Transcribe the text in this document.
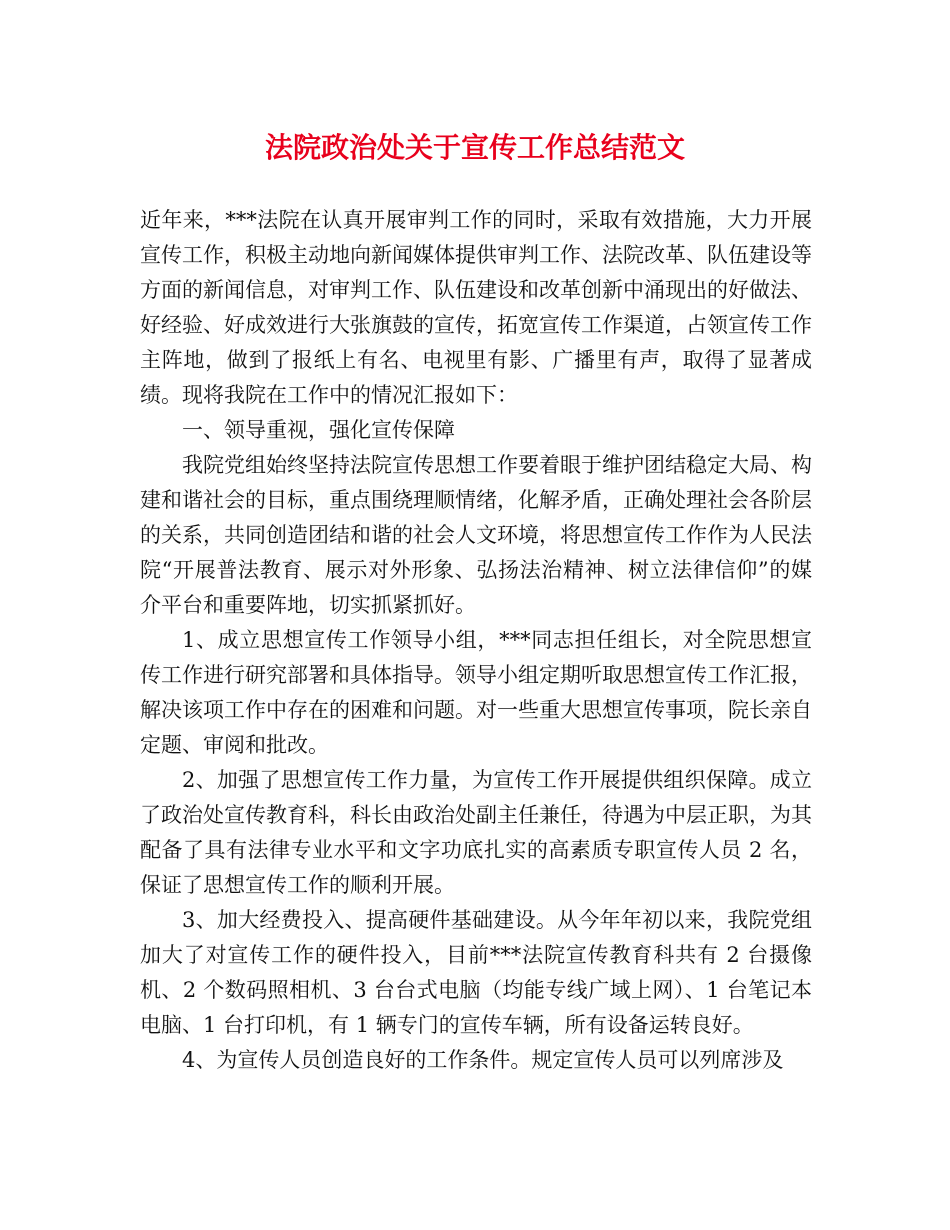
法院政治处关于宣传工作总结范文

近年来，***法院在认真开展审判工作的同时，采取有效措施，大力开展宣传工作，积极主动地向新闻媒体提供审判工作、法院改革、队伍建设等方面的新闻信息，对审判工作、队伍建设和改革创新中涌现出的好做法、好经验、好成效进行大张旗鼓的宣传，拓宽宣传工作渠道，占领宣传工作主阵地，做到了报纸上有名、电视里有影、广播里有声，取得了显著成绩。现将我院在工作中的情况汇报如下：

一、领导重视，强化宣传保障

我院党组始终坚持法院宣传思想工作要着眼于维护团结稳定大局、构建和谐社会的目标，重点围绕理顺情绪，化解矛盾，正确处理社会各阶层的关系，共同创造团结和谐的社会人文环境，将思想宣传工作作为人民法院“开展普法教育、展示对外形象、弘扬法治精神、树立法律信仰”的媒介平台和重要阵地，切实抓紧抓好。

1、成立思想宣传工作领导小组，***同志担任组长，对全院思想宣传工作进行研究部署和具体指导。领导小组定期听取思想宣传工作汇报，解决该项工作中存在的困难和问题。对一些重大思想宣传事项，院长亲自定题、审阅和批改。

2、加强了思想宣传工作力量，为宣传工作开展提供组织保障。成立了政治处宣传教育科，科长由政治处副主任兼任，待遇为中层正职，为其配备了具有法律专业水平和文字功底扎实的高素质专职宣传人员 2 名，保证了思想宣传工作的顺利开展。

3、加大经费投入、提高硬件基础建设。从今年年初以来，我院党组加大了对宣传工作的硬件投入，目前***法院宣传教育科共有 2 台摄像机、2 个数码照相机、3 台台式电脑（均能专线广域上网）、1 台笔记本电脑、1 台打印机，有 1 辆专门的宣传车辆，所有设备运转良好。

4、为宣传人员创造良好的工作条件。规定宣传人员可以列席涉及
